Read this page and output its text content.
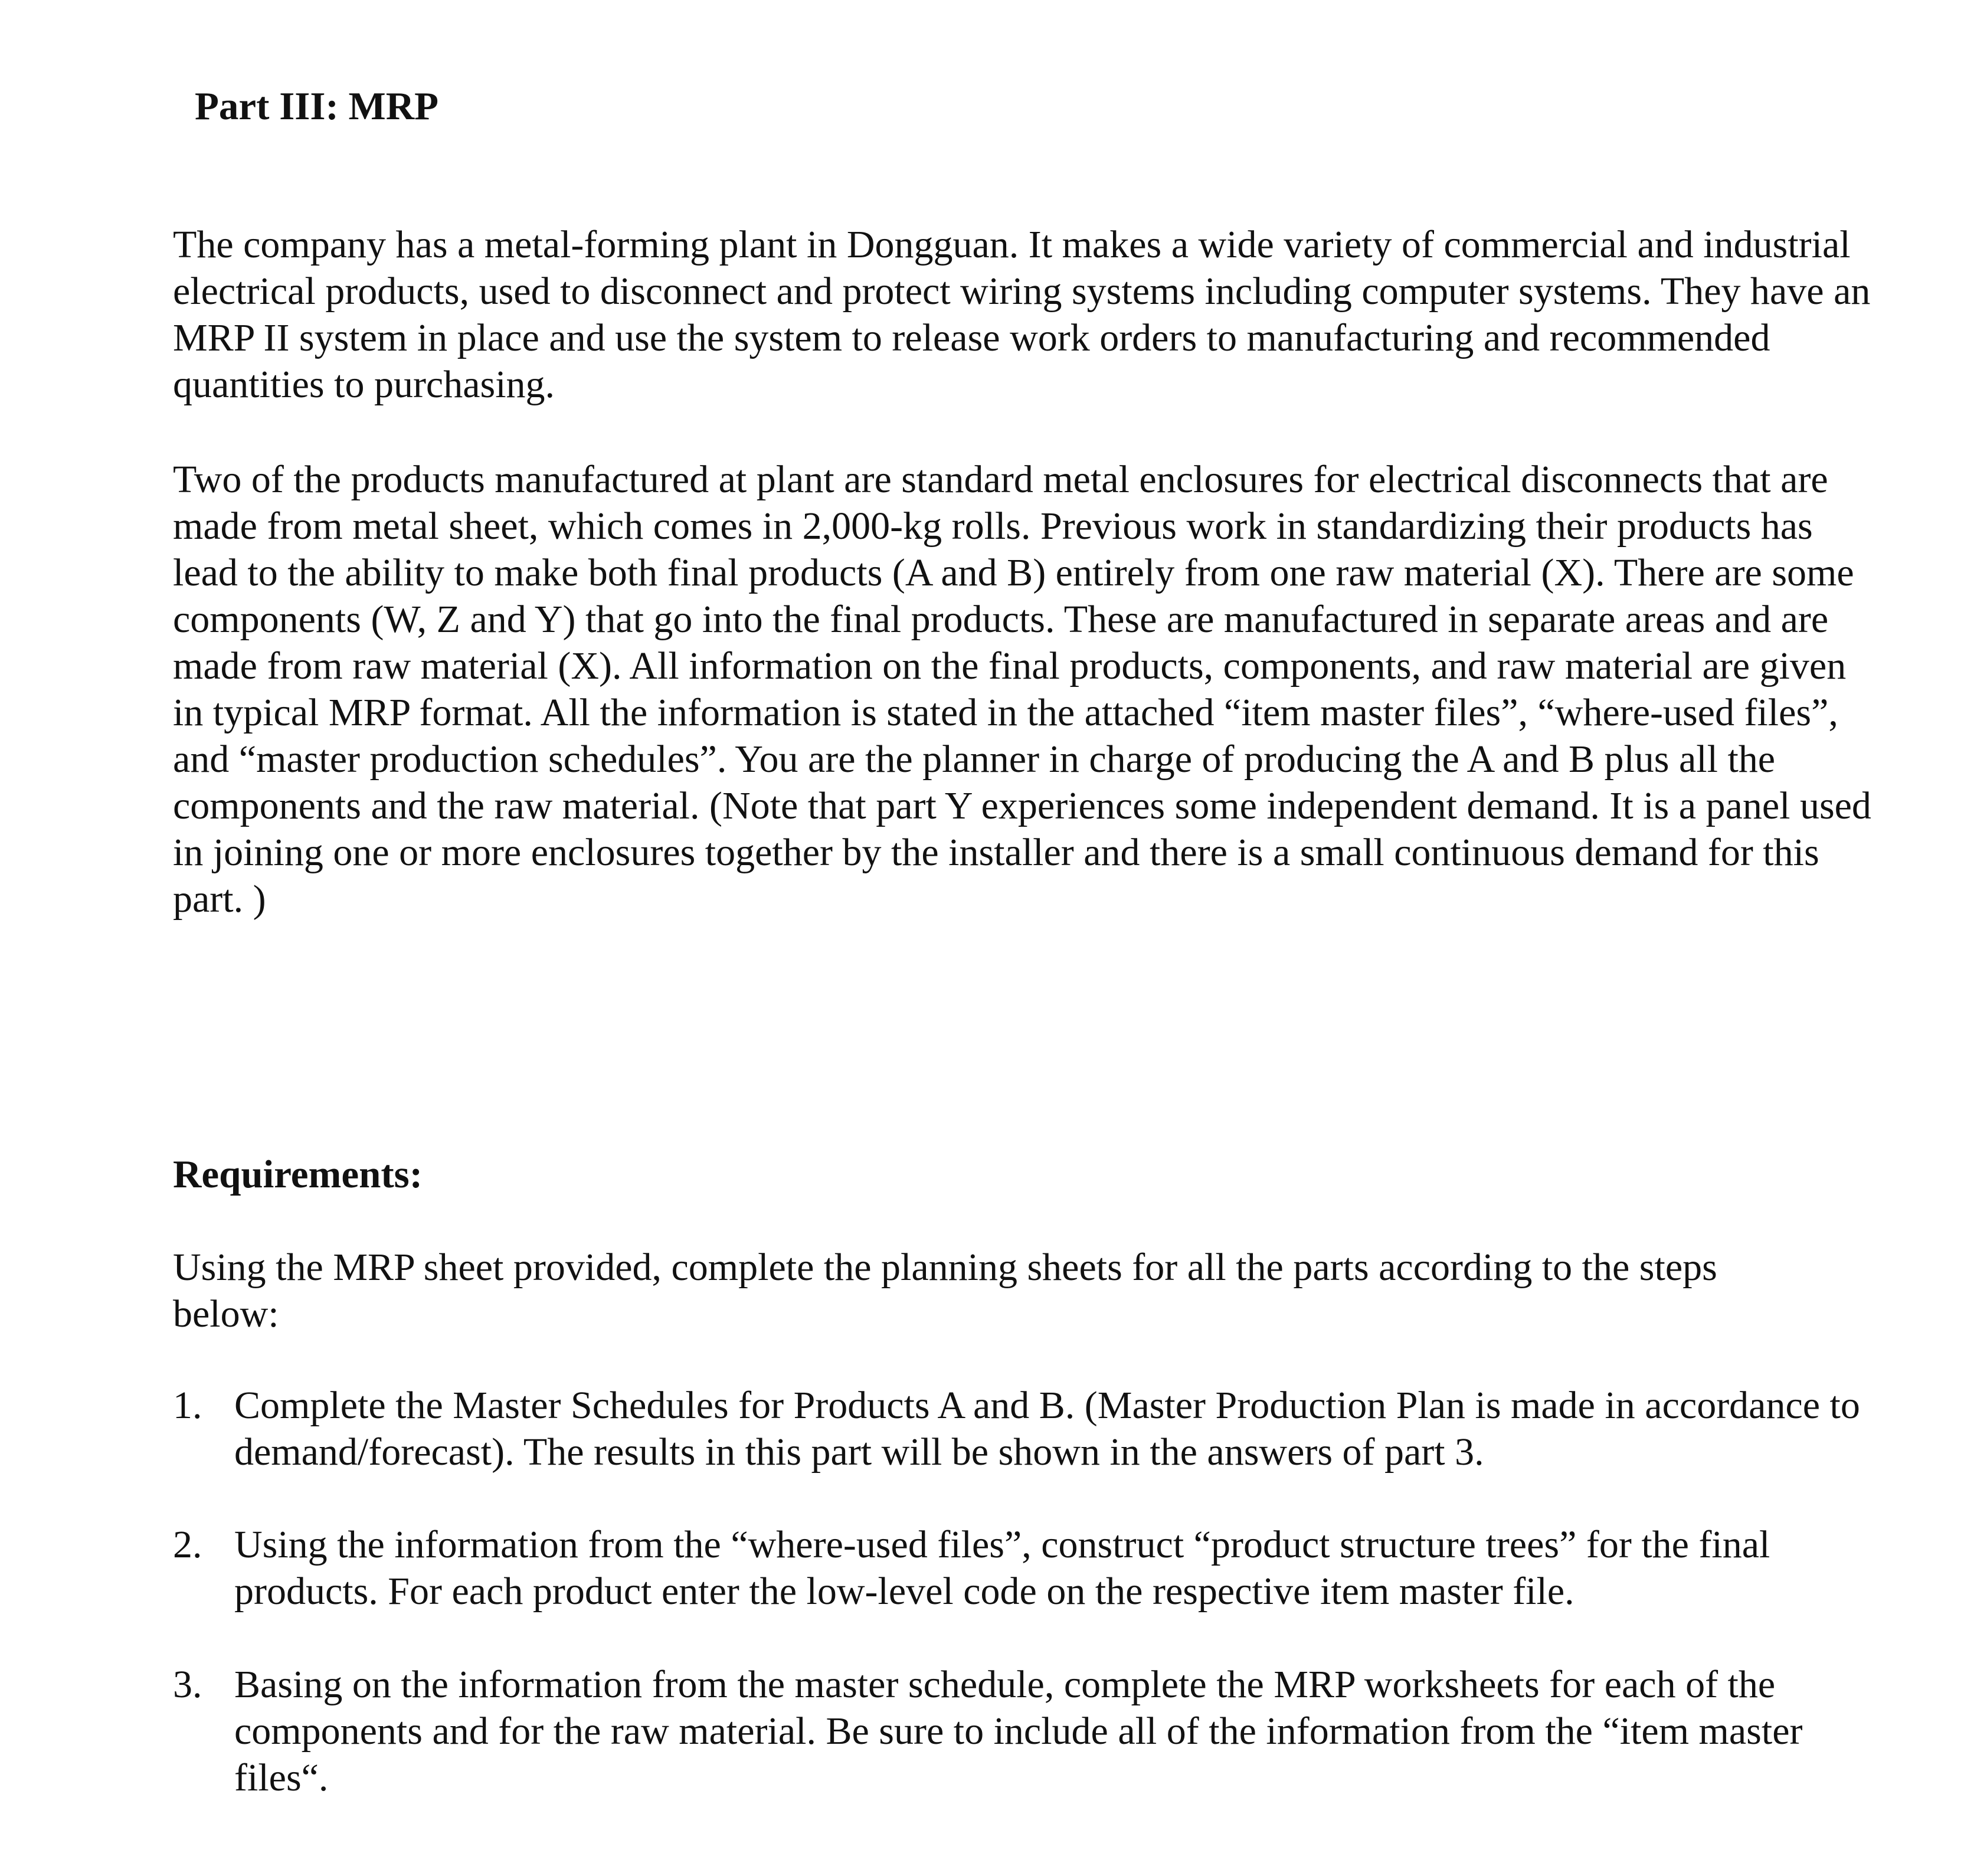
Part III: MRP

The company has a metal-forming plant in Dongguan. It makes a wide variety of commercial and industrial electrical products, used to disconnect and protect wiring systems including computer systems. They have an MRP II system in place and use the system to release work orders to manufacturing and recommended quantities to purchasing.

Two of the products manufactured at plant are standard metal enclosures for electrical disconnects that are made from metal sheet, which comes in 2,000-kg rolls. Previous work in standardizing their products has lead to the ability to make both final products (A and B) entirely from one raw material (X). There are some components (W, Z and Y) that go into the final products. These are manufactured in separate areas and are made from raw material (X). All information on the final products, components, and raw material are given in typical MRP format. All the information is stated in the attached “item master files”, “where-used files”, and “master production schedules”. You are the planner in charge of producing the A and B plus all the components and the raw material. (Note that part Y experiences some independent demand. It is a panel used in joining one or more enclosures together by the installer and there is a small continuous demand for this part. )

Requirements:

Using the MRP sheet provided, complete the planning sheets for all the parts according to the steps below:

1. Complete the Master Schedules for Products A and B. (Master Production Plan is made in accordance to demand/forecast). The results in this part will be shown in the answers of part 3.

2. Using the information from the “where-used files”, construct “product structure trees” for the final products. For each product enter the low-level code on the respective item master file.

3. Basing on the information from the master schedule, complete the MRP worksheets for each of the components and for the raw material. Be sure to include all of the information from the “item master files“.
